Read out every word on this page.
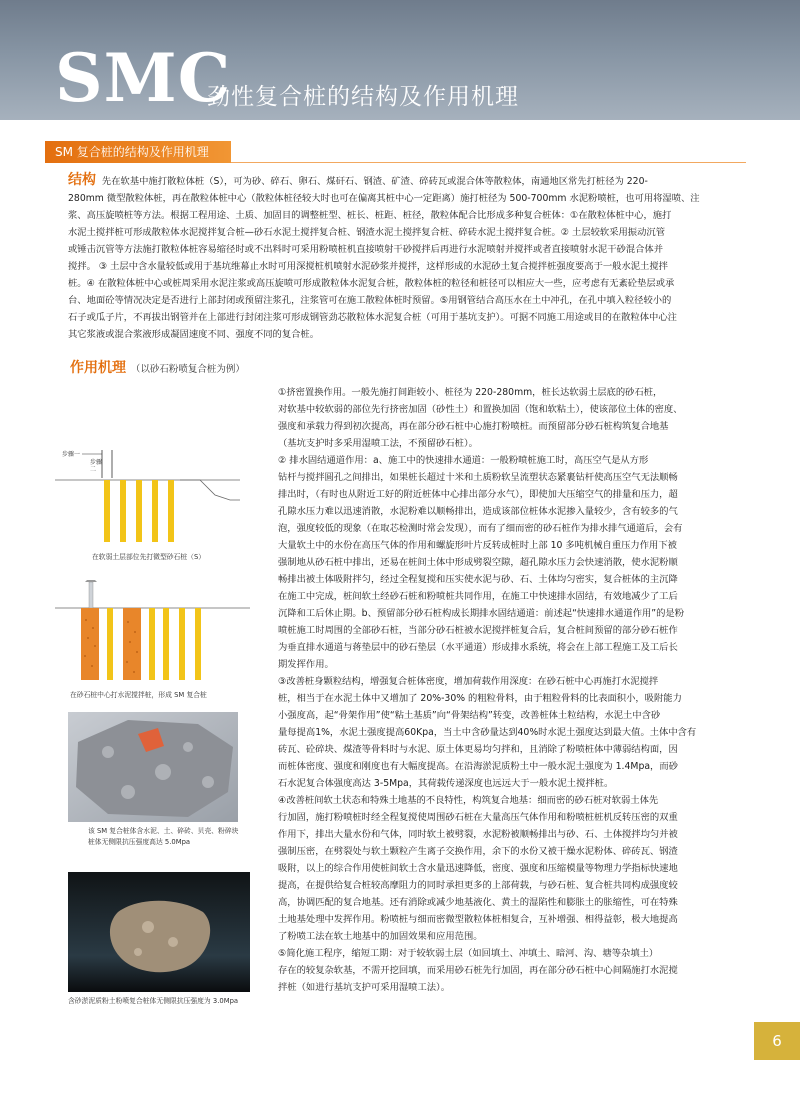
SMC
劲性复合桩的结构及作用机理
SM 复合桩的结构及作用机理
结构 先在软基中施打散粒体桩（S），可为砂、碎石、卵石、煤矸石、钢渣、矿渣、碎砖瓦或混合体等散粒体，南通地区常先打桩径为 220-
280mm 微型散粒体桩，再在散粒体桩中心（散粒体桩径较大时也可在偏离其桩中心一定距离）施打桩径为 500-700mm 水泥粉喷桩，也可用将湿喷、注
浆、高压旋喷桩等方法。根据工程用途、土质、加固目的调整桩型、桩长、桩距、桩径，散粒体配合比形成多种复合桩体：①在散粒体桩中心，施打
水泥土搅拌桩可形成散粒体水泥搅拌复合桩—砂石水泥土搅拌复合桩、钢渣水泥土搅拌复合桩、碎砖水泥土搅拌复合桩。② 土层较软采用振动沉管
或锤击沉管等方法施打散粒体桩容易缩径时或不出料时可采用粉喷桩机直接喷射干砂搅拌后再进行水泥喷射并搅拌或者直接喷射水泥干砂混合体并
搅拌。 ③ 土层中含水量较低或用于基坑维幕止水时可用深搅桩机喷射水泥砂浆并搅拌，这样形成的水泥砂土复合搅拌桩强度要高于一般水泥土搅拌
桩。④ 在散粒体桩中心或桩周采用水泥注浆或高压旋喷可形成散粒体水泥复合桩，散粒体桩的粒径和桩径可以相应大一些，应考虑有无紊砼垫层或承
台、地面砼等情况决定是否进行上部封闭或预留注浆孔，注浆管可在施工散粒体桩时预留。⑤用钢管结合高压水在土中冲孔，在孔中填入粒径较小的
石子或瓜子片，不再拔出钢管并在上部进行封闭注浆可形成钢管劲芯散粒体水泥复合桩（可用于基坑支护）。可据不同施工用途或目的在散粒体中心注
其它浆液或混合浆液形成凝固速度不同、强度不同的复合桩。
作用机理 （以砂石粉喷复合桩为例）
①挤密置换作用。一般先施打间距较小、桩径为 220-280mm，桩长达软弱土层底的砂石桩，
对软基中较软弱的部位先行挤密加固（砂性土）和置换加固（饱和软粘土），使该部位土体的密度、
强度和承载力得到初次提高，再在部分砂石桩中心施打粉喷桩。而预留部分砂石桩构筑复合地基
（基坑支护时多采用湿喷工法，不预留砂石桩）。
② 排水固结通道作用：a、施工中的快速排水通道：一般粉喷桩施工时，高压空气是从方形
钻杆与搅拌圆孔之间排出，如果桩长超过十米和土质粉软呈流塑状态紧裹钻杆使高压空气无法顺畅
排出时，（有时也从附近工好的附近桩体中心排出部分水气），即使加大压缩空气的排量和压力，超
孔隙水压力难以迅速消散，水泥粉难以顺畅排出，造成该部位桩体水泥掺入量较少，含有较多的气
泡，强度较低的现象（在取芯检测时常会发现），而有了细而密的砂石桩作为排水排气通道后，会有
大量软土中的水份在高压气体的作用和螺旋形叶片反转成桩时上部 10 多吨机械自重压力作用下被
强制地从砂石桩中排出，还易在桩间土体中形成劈裂空隙，超孔隙水压力会快速消散，使水泥粉顺
畅排出被土体吸附拌匀，经过全程复搅和压实使水泥与砂、石、土体均匀密实，复合桩体的主沉降
在施工中完成，桩间软土经砂石桩和粉喷桩共同作用，在施工中快速排水固结，有效地减少了工后
沉降和工后休止期。b、预留部分砂石桩构成长期排水固结通道：前述起“快速排水通道作用”的是粉
喷桩施工时周围的全部砂石桩，当部分砂石桩被水泥搅拌桩复合后，复合桩间预留的部分砂石桩作
为垂直排水通道与蒋垫层中的砂石垫层（水平通道）形成排水系统，将会在上部工程施工及工后长
期发挥作用。
③改善桩身颗粒结构，增强复合桩体密度，增加荷载作用深度：在砂石桩中心再施打水泥搅拌
桩，相当于在水泥土体中又增加了 20%-30% 的粗粒骨料，由于粗粒骨料的比表面积小，吸附能力
小强度高，起“骨架作用”使“粘土基质”向“骨架结构”转变，改善桩体土粒结构，水泥土中含砂
量每提高1%，水泥土强度提高60Kpa，当土中含砂量达到40%时水泥土强度达到最大值。土体中含有
砖瓦、砼碎块、煤渣等骨料时与水泥、原土体更易均匀拌和，且消除了粉喷桩体中薄弱结构面，因
而桩体密度、强度和刚度也有大幅度提高。在沿海淤泥质粉土中一般水泥土强度为 1.4Mpa，而砂
石水泥复合体强度高达 3-5Mpa，其荷载传递深度也远远大于一般水泥土搅拌桩。
④改善桩间软土状态和特殊土地基的不良特性，构筑复合地基：细而密的砂石桩对软弱土体先
行加固，施打粉喷桩时经全程复搅使周围砂石桩在大量高压气体作用和粉喷桩桩机反转压密的双重
作用下，排出大量水份和气体，同时软土被劈裂，水泥粉被顺畅排出与砂、石、土体搅拌均匀并被
强制压密，在劈裂处与软土颗粒产生离子交换作用，余下的水份又被干燥水泥粉体、碎砖瓦、钢渣
吸附，以上的综合作用使桩间软土含水量迅速降低，密度、强度和压缩模量等物理力学指标快速地
提高，在提供给复合桩较高摩阻力的同时承担更多的上部荷载，与砂石桩、复合桩共同构成强度较
高，协调匹配的复合地基。还有消除或减少地基液化、黄土的湿陷性和膨胀土的胀缩性，可在特殊
土地基处理中发挥作用。粉喷桩与细而密微型散粒体桩相复合，互补增强、相得益彰，极大地提高
了粉喷工法在软土地基中的加固效果和应用范围。
⑤简化施工程序，缩短工期：对于较软弱土层（如回填土、冲填土、暗河、沟、塘等杂填土）
存在的较复杂软基，不需开挖回填，而采用砂石桩先行加固，再在部分砂石桩中心间隔施打水泥搅
拌桩（如进行基坑支护可采用湿喷工法）。
步骤一
步骤
二
在软弱土层部位先打微型砂石桩（S）
在砂石桩中心打水泥搅拌桩，形成 SM 复合桩
该 SM 复合桩体含水泥、土、碎砖、贝壳、粉碎块
桩体无侧限抗压强度高达 5.0Mpa
含砂淤泥质粉土粉喷复合桩体无侧限抗压强度为 3.0Mpa
6
